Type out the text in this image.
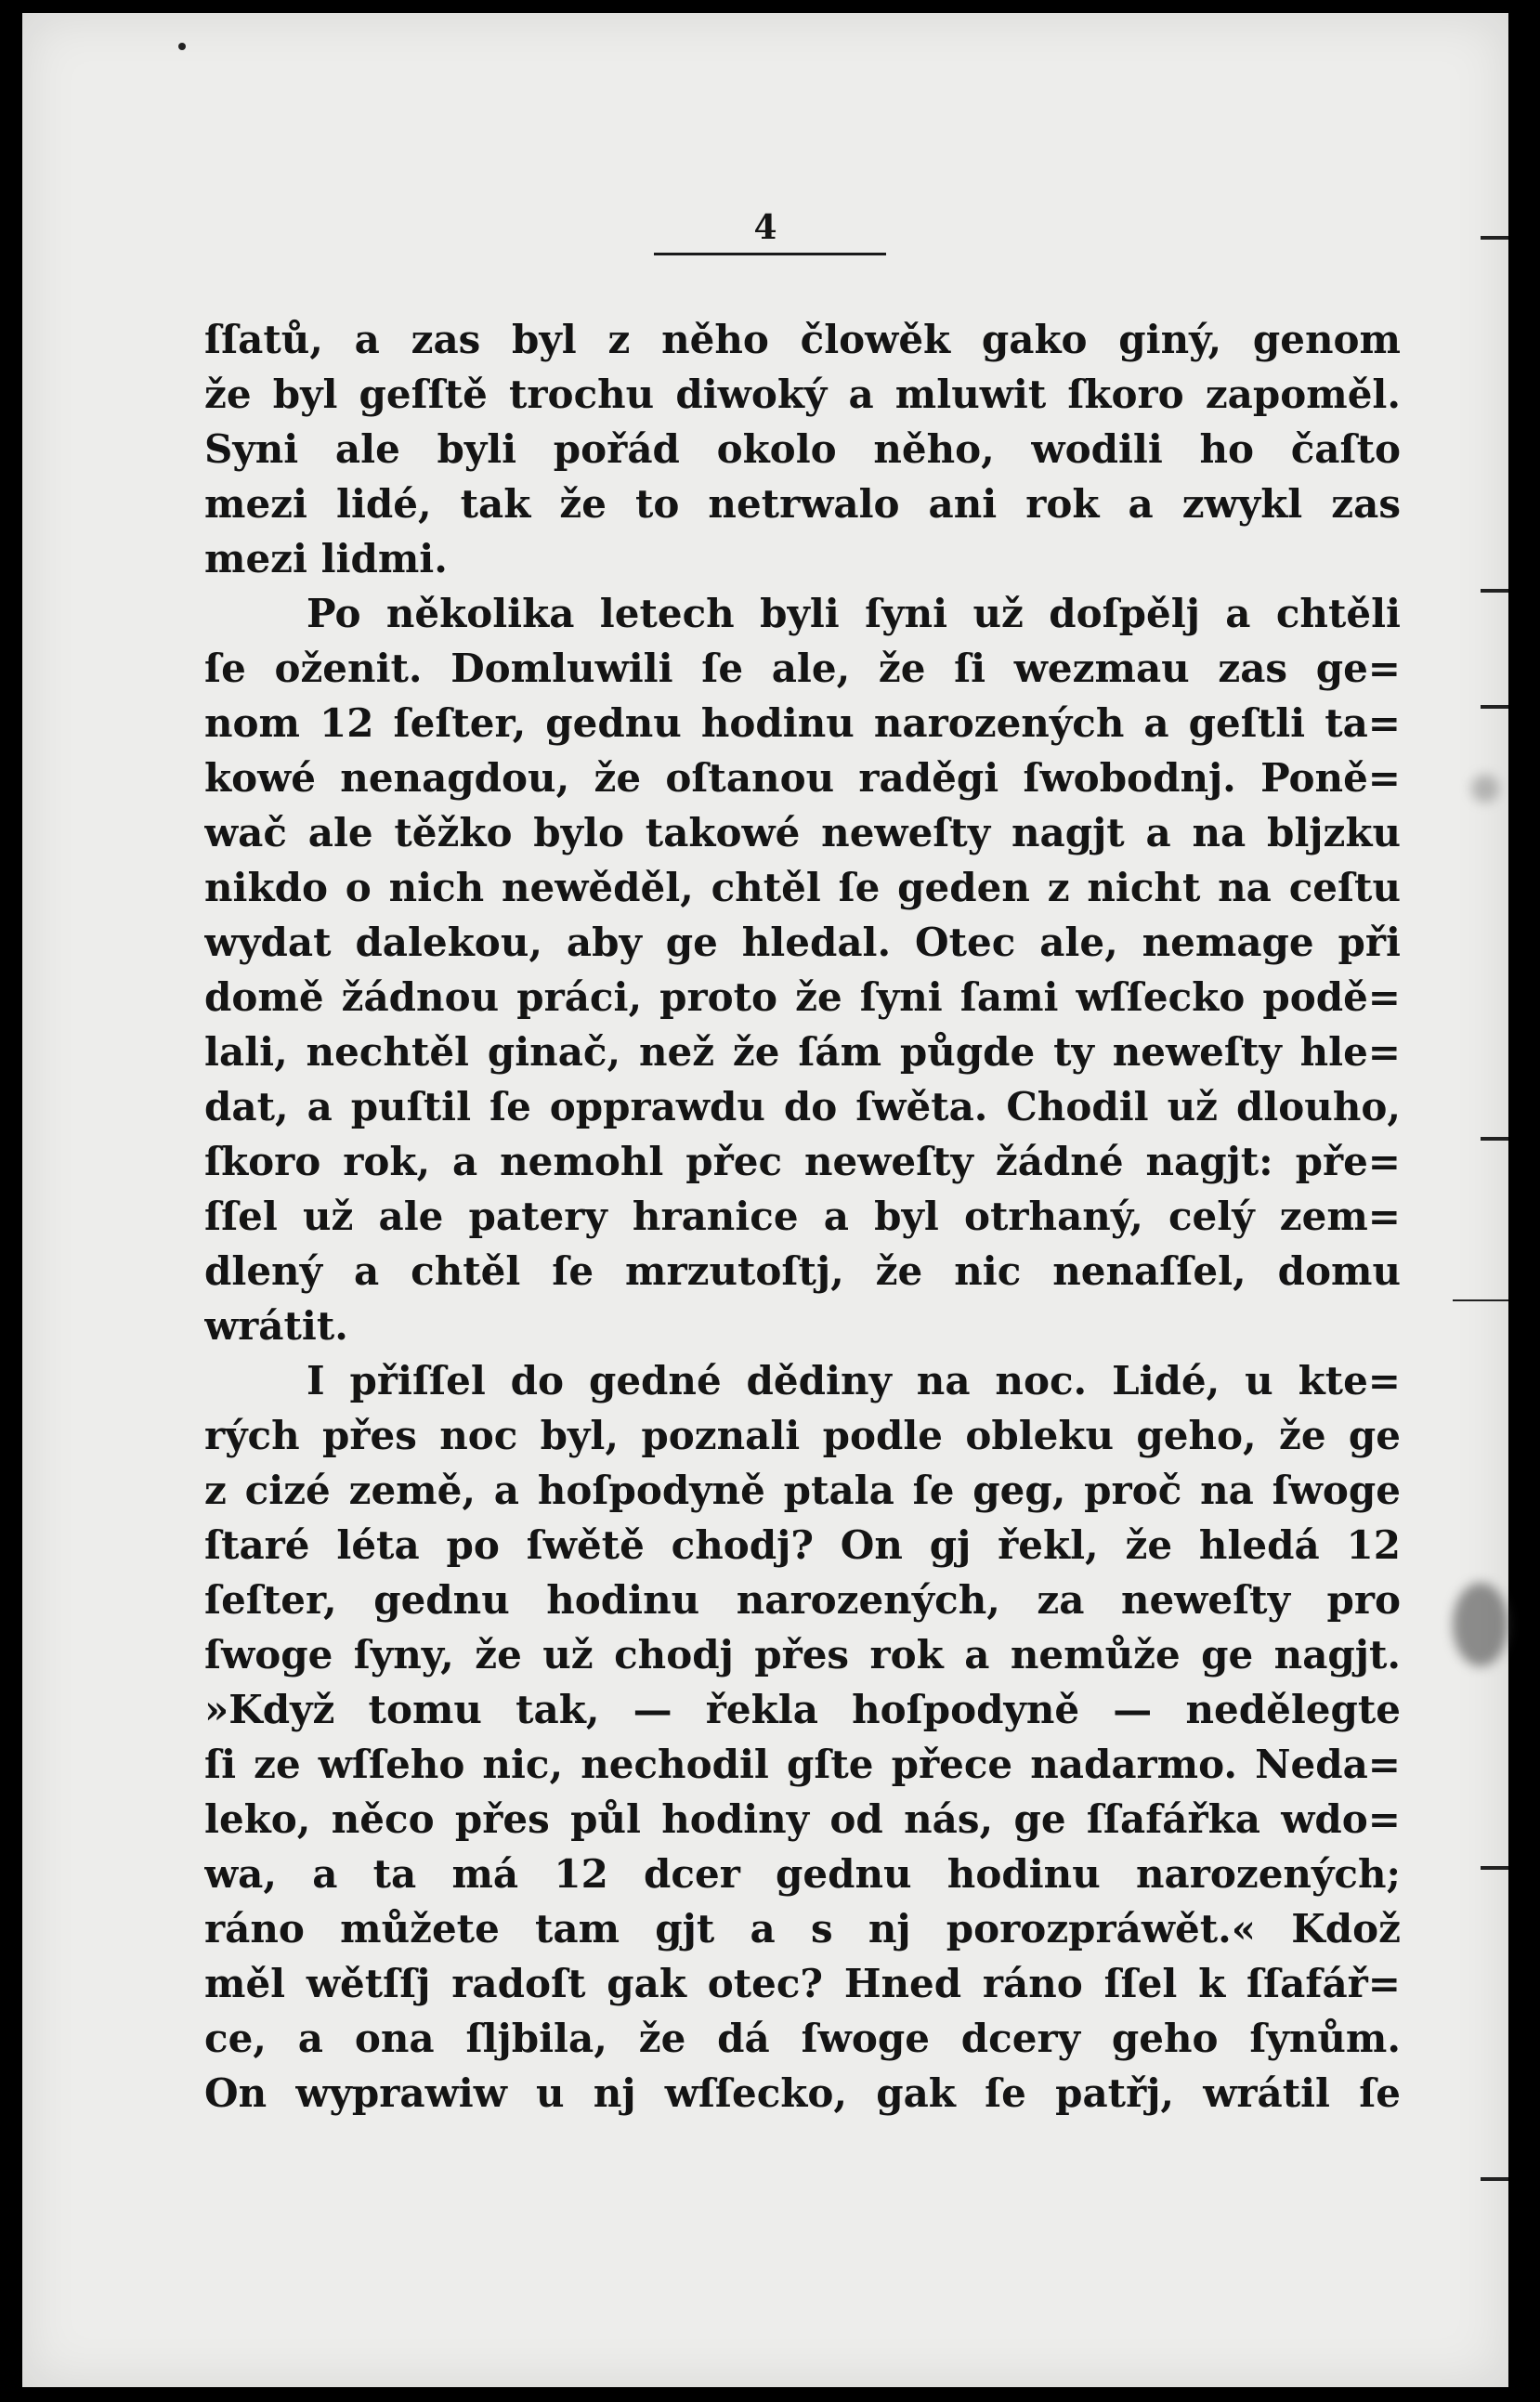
4

ſſatů, a zas byl z něho člowěk gako giný, genom
že byl geſſtě trochu diwoký a mluwit ſkoro zapoměl.
Syni ale byli pořád okolo něho, wodili ho čaſto
mezi lidé, tak že to netrwalo ani rok a zwykl zas
mezi lidmi.
Po několika letech byli ſyni už doſpělj a chtěli
ſe oženit. Domluwili ſe ale, že ſi wezmau zas ge=
nom 12 ſeſter, gednu hodinu narozených a geſtli ta=
kowé nenagdou, že oſtanou raděgi ſwobodnj. Poně=
wač ale těžko bylo takowé neweſty nagjt a na bljzku
nikdo o nich newěděl, chtěl ſe geden z nicht na ceſtu
wydat dalekou, aby ge hledal. Otec ale, nemage při
domě žádnou práci, proto že ſyni ſami wſſecko podě=
lali, nechtěl ginač, než že ſám půgde ty neweſty hle=
dat, a puſtil ſe opprawdu do ſwěta. Chodil už dlouho,
ſkoro rok, a nemohl přec neweſty žádné nagjt: pře=
ſſel už ale patery hranice a byl otrhaný, celý zem=
dlený a chtěl ſe mrzutoſtj, že nic nenaſſel, domu
wrátit.
I přiſſel do gedné dědiny na noc. Lidé, u kte=
rých přes noc byl, poznali podle obleku geho, že ge
z cizé země, a hoſpodyně ptala ſe geg, proč na ſwoge
ſtaré léta po ſwětě chodj? On gj řekl, že hledá 12
ſeſter, gednu hodinu narozených, za neweſty pro
ſwoge ſyny, že už chodj přes rok a nemůže ge nagjt.
»Když tomu tak, — řekla hoſpodyně — nedělegte
ſi ze wſſeho nic, nechodil gſte přece nadarmo. Neda=
leko, něco přes půl hodiny od nás, ge ſſafářka wdo=
wa, a ta má 12 dcer gednu hodinu narozených;
ráno můžete tam gjt a s nj porozpráwět.« Kdož
měl wětſſj radoſt gak otec? Hned ráno ſſel k ſſafář=
ce, a ona ſljbila, že dá ſwoge dcery geho ſynům.
On wyprawiw u nj wſſecko, gak ſe patřj, wrátil ſe
